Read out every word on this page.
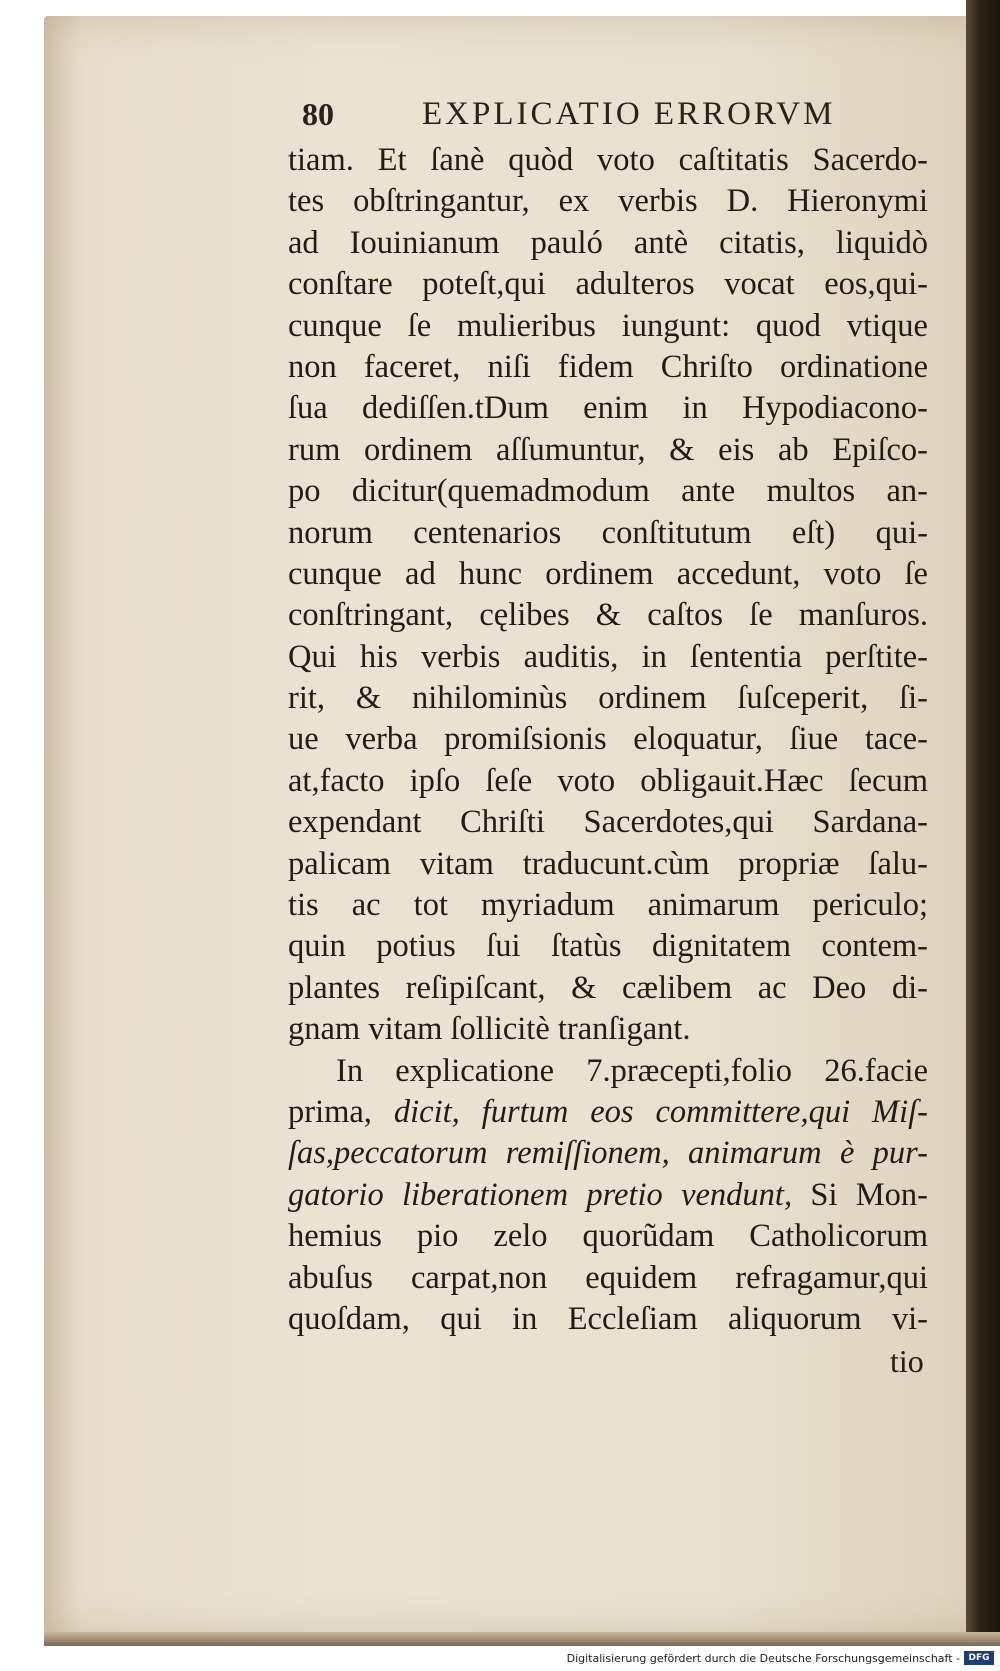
80	EXPLICATIO ERRORVM
tiam. Et ſanè quòd voto caſtitatis Sacerdo-
tes obſtringantur, ex verbis D. Hieronymi
ad Iouinianum pauló antè citatis, liquidò
conſtare poteſt,qui adulteros vocat eos,qui-
cunque ſe mulieribus iungunt: quod vtique
non faceret, niſi fidem Chriſto ordinatione
ſua dediſſen.tDum enim in Hypodiacono-
rum ordinem aſſumuntur, & eis ab Epiſco-
po dicitur(quemadmodum ante multos an-
norum centenarios conſtitutum eſt) qui-
cunque ad hunc ordinem accedunt, voto ſe
conſtringant, cęlibes & caſtos ſe manſuros.
Qui his verbis auditis, in ſententia perſtite-
rit, & nihilominùs ordinem ſuſceperit, ſi-
ue verba promiſsionis eloquatur, ſiue tace-
at,facto ipſo ſeſe voto obligauit.Hæc ſecum
expendant Chriſti Sacerdotes,qui Sardana-
palicam vitam traducunt.cùm propriæ ſalu-
tis ac tot myriadum animarum periculo;
quin potius ſui ſtatùs dignitatem contem-
plantes reſipiſcant, & cælibem ac Deo di-
gnam vitam ſollicitè tranſigant.
In explicatione 7.præcepti,folio 26.facie
prima, dicit, furtum eos committere,qui Miſ-
ſas,peccatorum remiſſionem, animarum è pur-
gatorio liberationem pretio vendunt, Si Mon-
hemius pio zelo quorũdam Catholicorum
abuſus carpat,non equidem refragamur,qui
quoſdam, qui in Eccleſiam aliquorum vi-
tio
Digitalisierung gefördert durch die Deutsche Forschungsgemeinschaft - DFG
